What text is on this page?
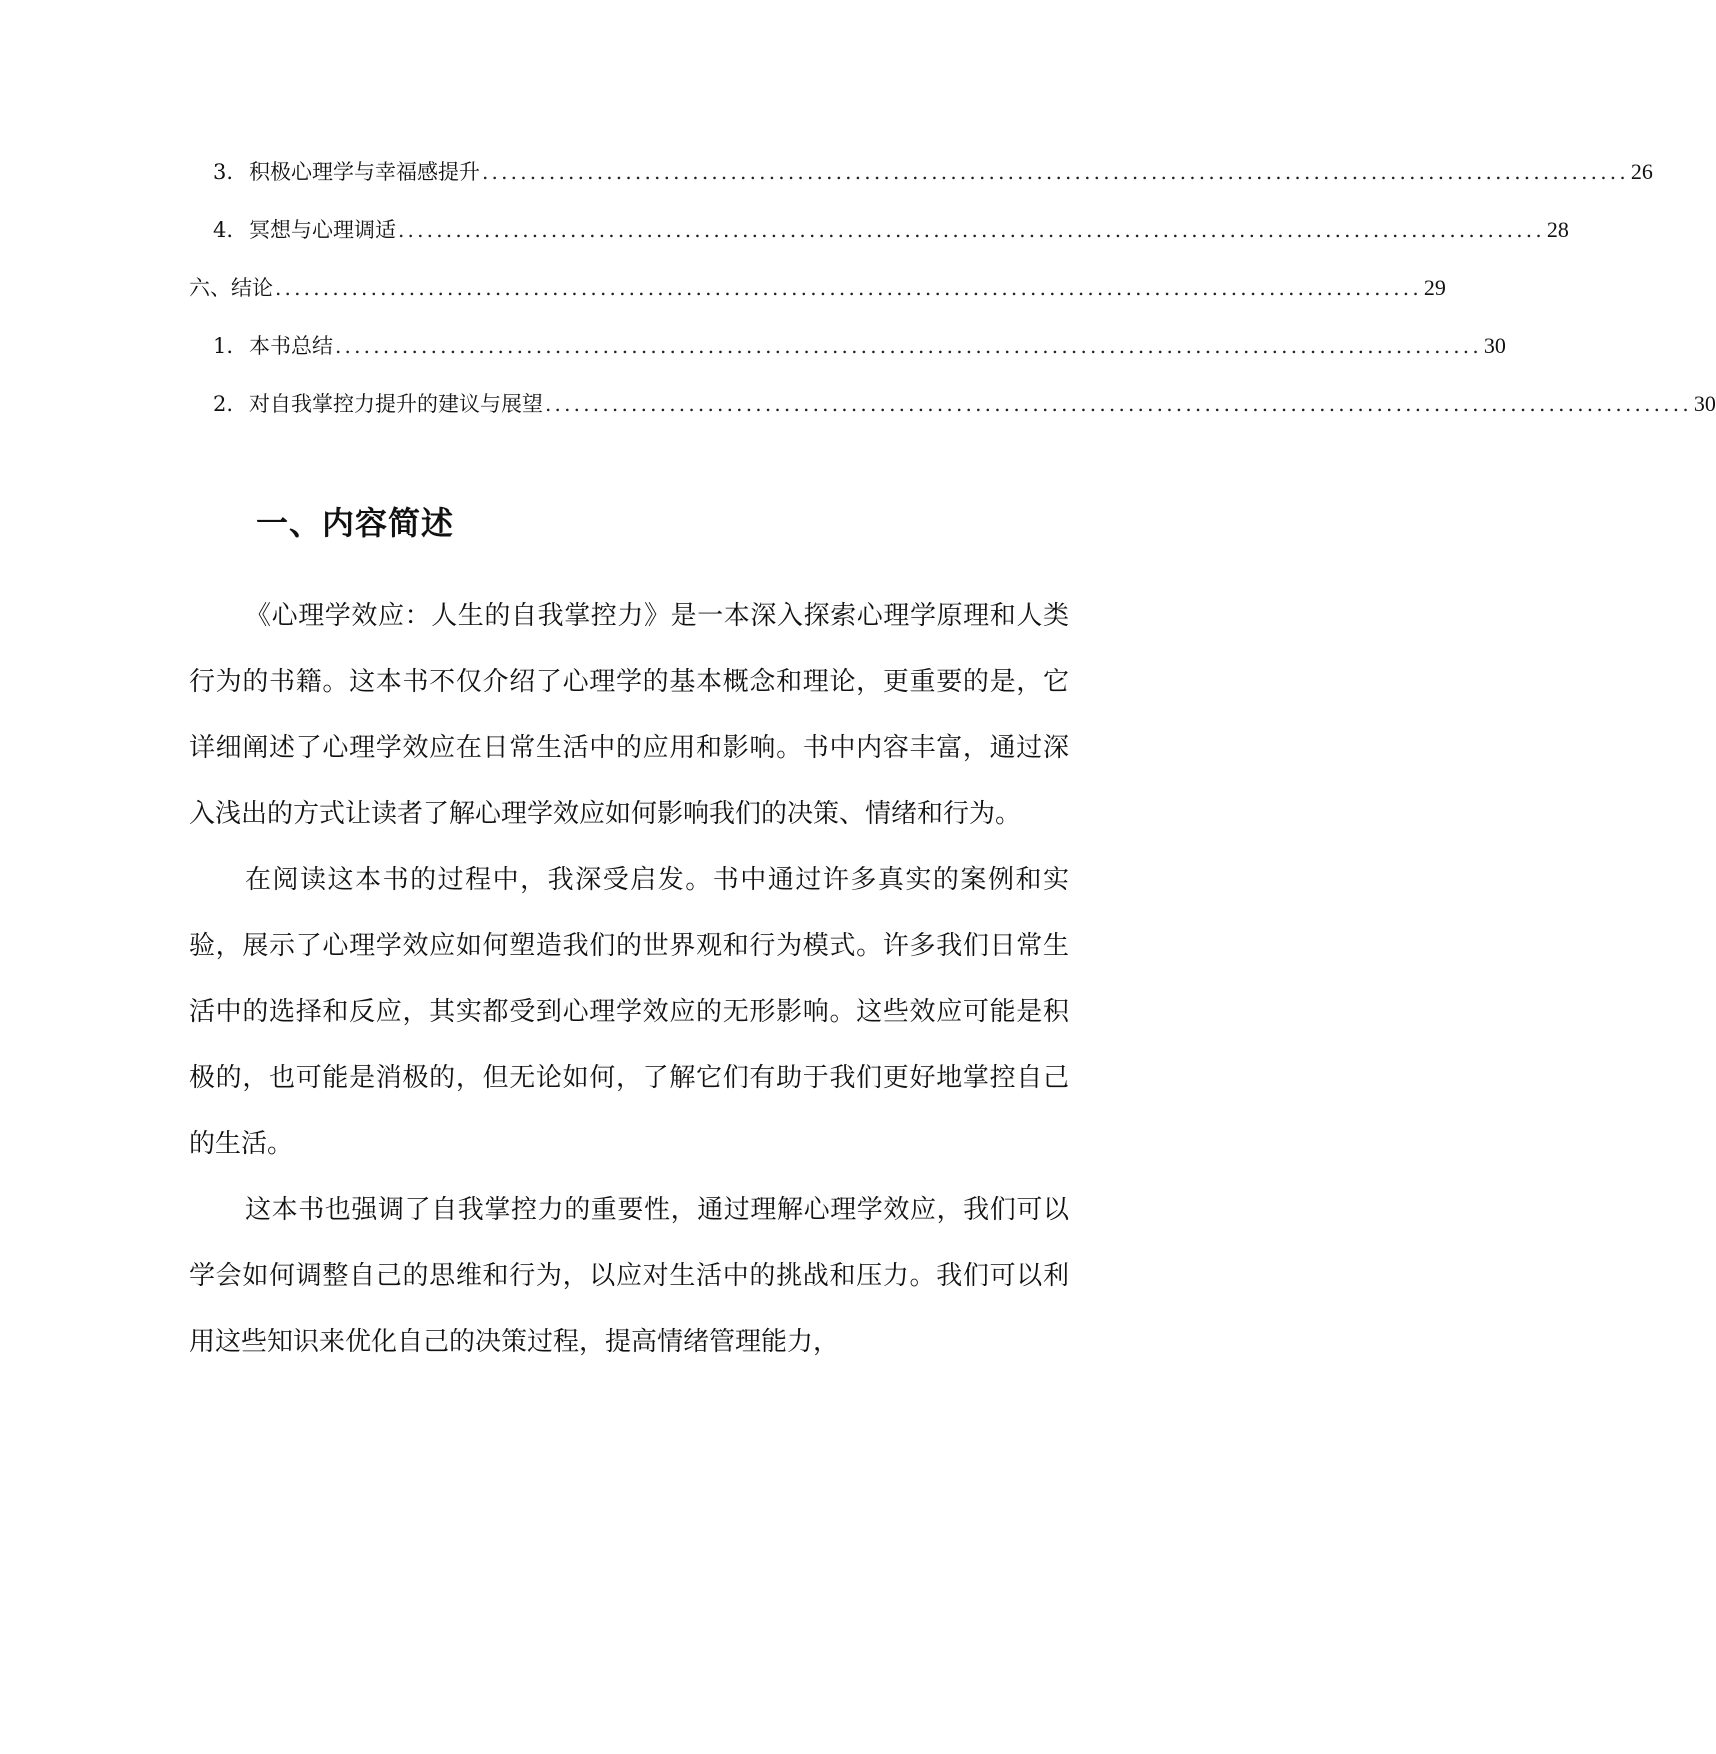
3. 积极心理学与幸福感提升 ........................................................................................................................ 26
4. 冥想与心理调适 ........................................................................................................................ 28
六、结论 ........................................................................................................................ 29
1. 本书总结 ........................................................................................................................ 30
2. 对自我掌控力提升的建议与展望 ........................................................................................................................ 30
一、内容简述

《心理学效应：人生的自我掌控力》是一本深入探索心理学原理和人类行为的书籍。这本书不仅介绍了心理学的基本概念和理论，更重要的是，它详细阐述了心理学效应在日常生活中的应用和影响。书中内容丰富，通过深入浅出的方式让读者了解心理学效应如何影响我们的决策、情绪和行为。

在阅读这本书的过程中，我深受启发。书中通过许多真实的案例和实验，展示了心理学效应如何塑造我们的世界观和行为模式。许多我们日常生活中的选择和反应，其实都受到心理学效应的无形影响。这些效应可能是积极的，也可能是消极的，但无论如何，了解它们有助于我们更好地掌控自己的生活。

这本书也强调了自我掌控力的重要性，通过理解心理学效应，我们可以学会如何调整自己的思维和行为，以应对生活中的挑战和压力。我们可以利用这些知识来优化自己的决策过程，提高情绪管理能力，
